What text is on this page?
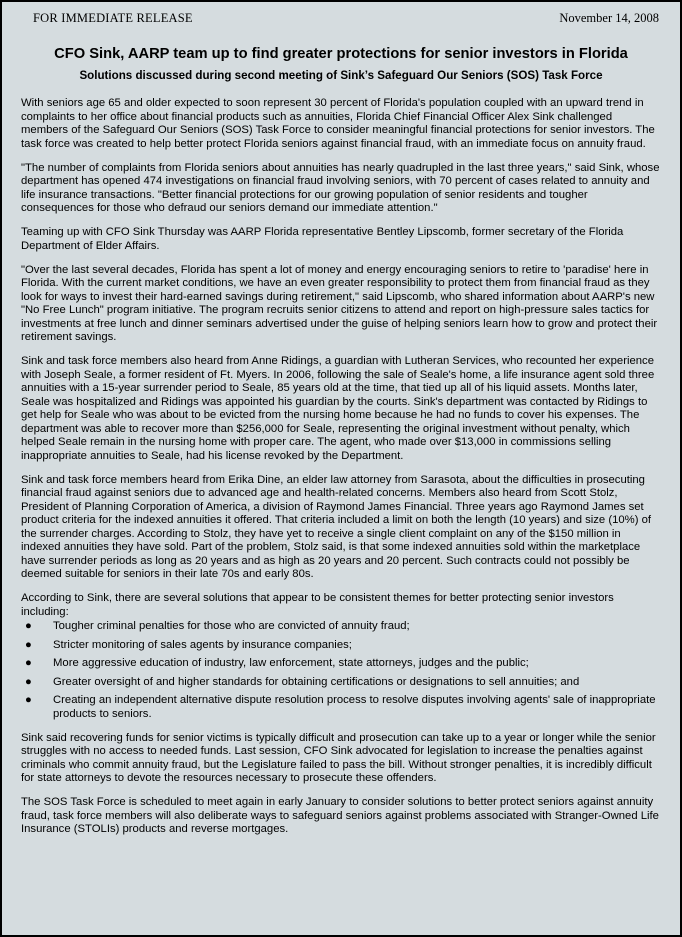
FOR IMMEDIATE RELEASE	November 14, 2008
CFO Sink, AARP team up to find greater protections for senior investors in Florida
Solutions discussed during second meeting of Sink’s Safeguard Our Seniors (SOS) Task Force

With seniors age 65 and older expected to soon represent 30 percent of Florida's population coupled with an upward trend in complaints to her office about financial products such as annuities, Florida Chief Financial Officer Alex Sink challenged members of the Safeguard Our Seniors (SOS) Task Force to consider meaningful financial protections for senior investors. The task force was created to help better protect Florida seniors against financial fraud, with an immediate focus on annuity fraud.

"The number of complaints from Florida seniors about annuities has nearly quadrupled in the last three years," said Sink, whose department has opened 474 investigations on financial fraud involving seniors, with 70 percent of cases related to annuity and life insurance transactions. "Better financial protections for our growing population of senior residents and tougher consequences for those who defraud our seniors demand our immediate attention."

Teaming up with CFO Sink Thursday was AARP Florida representative Bentley Lipscomb, former secretary of the Florida Department of Elder Affairs.

"Over the last several decades, Florida has spent a lot of money and energy encouraging seniors to retire to 'paradise' here in Florida. With the current market conditions, we have an even greater responsibility to protect them from financial fraud as they look for ways to invest their hard-earned savings during retirement," said Lipscomb, who shared information about AARP's new "No Free Lunch" program initiative. The program recruits senior citizens to attend and report on high-pressure sales tactics for investments at free lunch and dinner seminars advertised under the guise of helping seniors learn how to grow and protect their retirement savings.

Sink and task force members also heard from Anne Ridings, a guardian with Lutheran Services, who recounted her experience with Joseph Seale, a former resident of Ft. Myers. In 2006, following the sale of Seale's home, a life insurance agent sold three annuities with a 15-year surrender period to Seale, 85 years old at the time, that tied up all of his liquid assets. Months later, Seale was hospitalized and Ridings was appointed his guardian by the courts. Sink's department was contacted by Ridings to get help for Seale who was about to be evicted from the nursing home because he had no funds to cover his expenses. The department was able to recover more than $256,000 for Seale, representing the original investment without penalty, which helped Seale remain in the nursing home with proper care. The agent, who made over $13,000 in commissions selling inappropriate annuities to Seale, had his license revoked by the Department.

Sink and task force members heard from Erika Dine, an elder law attorney from Sarasota, about the difficulties in prosecuting financial fraud against seniors due to advanced age and health-related concerns. Members also heard from Scott Stolz, President of Planning Corporation of America, a division of Raymond James Financial. Three years ago Raymond James set product criteria for the indexed annuities it offered. That criteria included a limit on both the length (10 years) and size (10%) of the surrender charges. According to Stolz, they have yet to receive a single client complaint on any of the $150 million in indexed annuities they have sold. Part of the problem, Stolz said, is that some indexed annuities sold within the marketplace have surrender periods as long as 20 years and as high as 20 years and 20 percent. Such contracts could not possibly be deemed suitable for seniors in their late 70s and early 80s.

According to Sink, there are several solutions that appear to be consistent themes for better protecting senior investors including:

● Tougher criminal penalties for those who are convicted of annuity fraud;
● Stricter monitoring of sales agents by insurance companies;
● More aggressive education of industry, law enforcement, state attorneys, judges and the public;
● Greater oversight of and higher standards for obtaining certifications or designations to sell annuities; and
● Creating an independent alternative dispute resolution process to resolve disputes involving agents' sale of inappropriate products to seniors.

Sink said recovering funds for senior victims is typically difficult and prosecution can take up to a year or longer while the senior struggles with no access to needed funds. Last session, CFO Sink advocated for legislation to increase the penalties against criminals who commit annuity fraud, but the Legislature failed to pass the bill. Without stronger penalties, it is incredibly difficult for state attorneys to devote the resources necessary to prosecute these offenders.

The SOS Task Force is scheduled to meet again in early January to consider solutions to better protect seniors against annuity fraud, task force members will also deliberate ways to safeguard seniors against problems associated with Stranger-Owned Life Insurance (STOLIs) products and reverse mortgages.
